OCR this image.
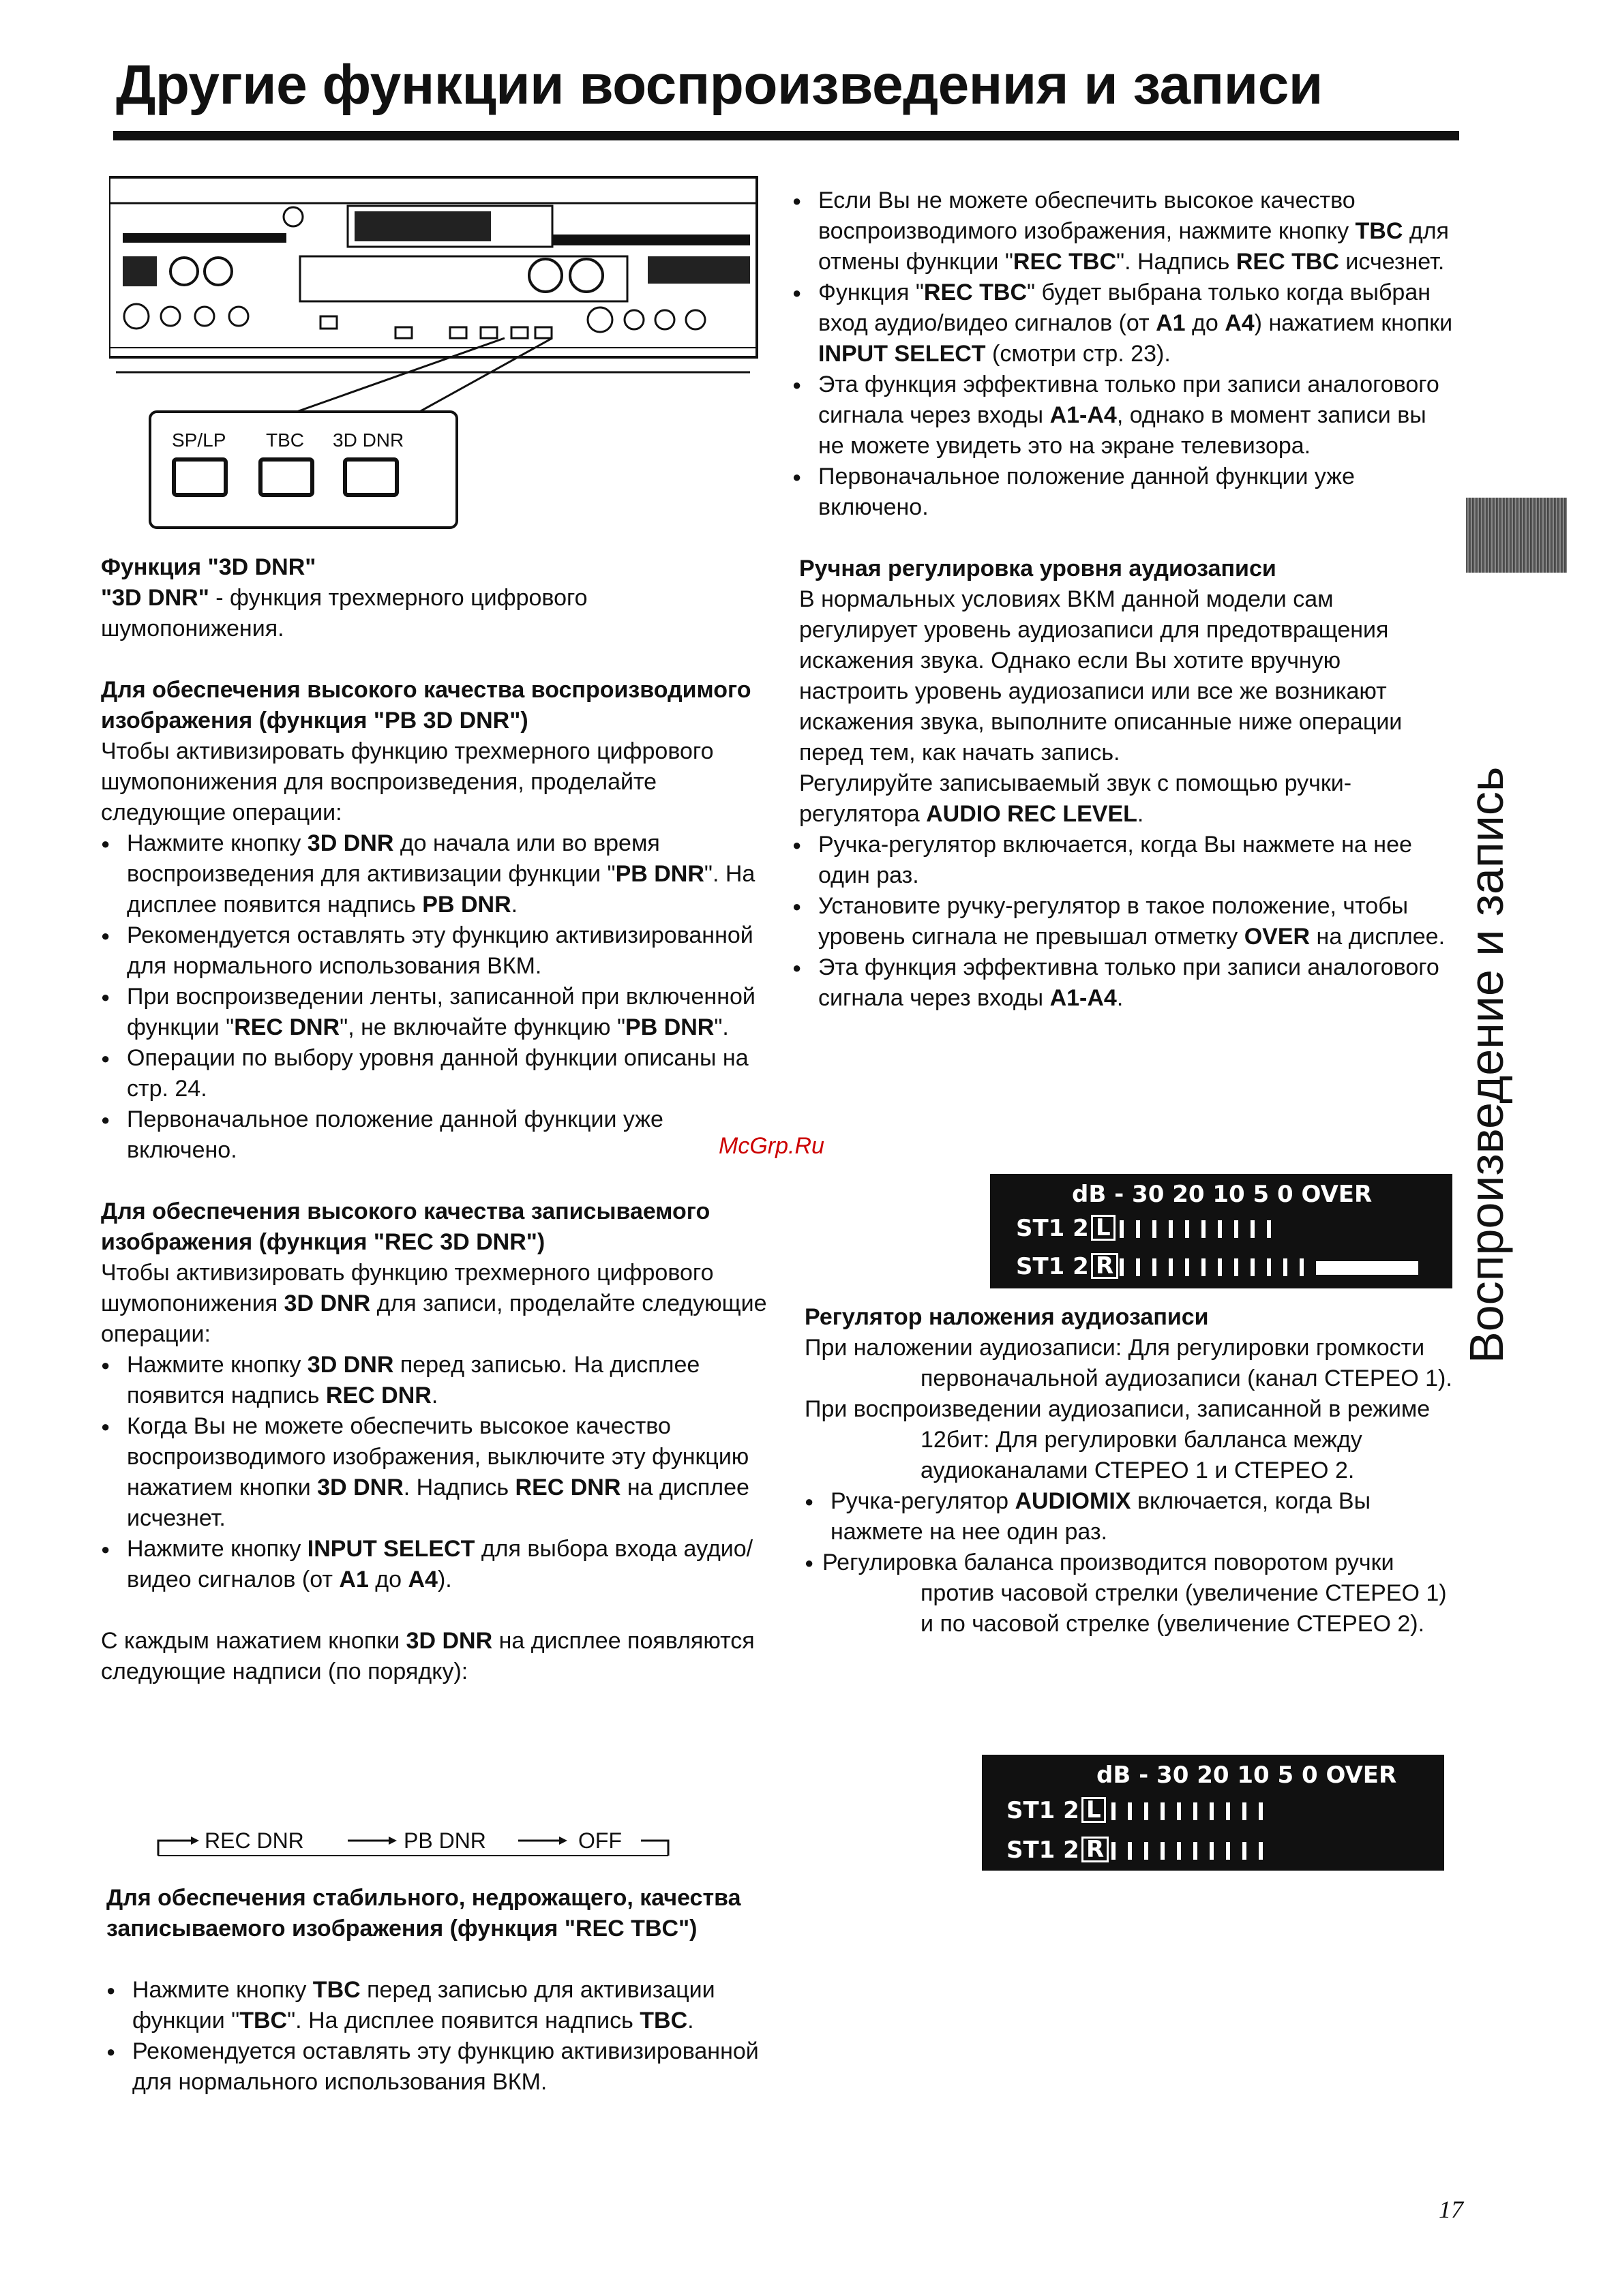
Другие функции воспроизведения и записи
SP/LP TBC 3D DNR

Функция "3D DNR"

"3D DNR" - функция трехмерного цифрового шумопонижения.

Для обеспечения высокого качества воспроизводимого изображения (функция "PB 3D DNR")

Чтобы активизировать функцию трехмерного цифрового шумопонижения для воспроизведения, проделайте следующие операции:

● Нажмите кнопку 3D DNR до начала или во время воспроизведения для активизации функции "PB DNR". На дисплее появится надпись PB DNR.

● Рекомендуется оставлять эту функцию активизированной для нормального использования ВКМ.

● При воспроизведении ленты, записанной при включенной функции "REC DNR", не включайте функцию "PB DNR".

● Операции по выбору уровня данной функции описаны на стр. 24.

● Первоначальное положение данной функции уже включено.

Для обеспечения высокого качества записываемого изображения (функция "REC 3D DNR")

Чтобы активизировать функцию трехмерного цифрового шумопонижения 3D DNR для записи, проделайте следующие операции:

● Нажмите кнопку 3D DNR перед записью. На дисплее появится надпись REC DNR.

● Когда Вы не можете обеспечить высокое качество воспроизводимого изображения, выключите эту функцию нажатием кнопки 3D DNR. Надпись REC DNR на дисплее исчезнет.

● Нажмите кнопку INPUT SELECT для выбора входа аудио/видео сигналов (от A1 до A4).

С каждым нажатием кнопки 3D DNR на дисплее появляются следующие надписи (по порядку):

REC DNR	PB DNR	OFF

Для обеспечения стабильного, недрожащего, качества записываемого изображения (функция "REC TBC")

● Нажмите кнопку TBC перед записью для активизации функции "TBC". На дисплее появится надпись TBC.

● Рекомендуется оставлять эту функцию активизированной для нормального использования ВКМ.

McGrp.Ru

● Если Вы не можете обеспечить высокое качество воспроизводимого изображения, нажмите кнопку TBC для отмены функции "REC TBC". Надпись REC TBC исчезнет.

● Функция "REC TBC" будет выбрана только когда выбран вход аудио/видео сигналов (от A1 до A4) нажатием кнопки INPUT SELECT (смотри стр. 23).

● Эта функция эффективна только при записи аналогового сигнала через входы A1-A4, однако в момент записи вы не можете увидеть это на экране телевизора.

● Первоначальное положение данной функции уже включено.

Ручная регулировка уровня аудиозаписи

В нормальных условиях ВКМ данной модели сам регулирует уровень аудиозаписи для предотвращения искажения звука. Однако если Вы хотите вручную настроить уровень аудиозаписи или все же возникают искажения звука, выполните описанные ниже операции перед тем, как начать запись.

Регулируйте записываемый звук с помощью ручки-регулятора AUDIO REC LEVEL.

● Ручка-регулятор включается, когда Вы нажмете на нее один раз.

● Установите ручку-регулятор в такое положение, чтобы уровень сигнала не превышал отметку OVER на дисплее.

● Эта функция эффективна только при записи аналогового сигнала через входы A1-A4.

dB - 30 20 10 5 0 OVER
ST1 2 L
ST1 2 R

Регулятор наложения аудиозаписи

При наложении аудиозаписи: Для регулировки громкости первоначальной аудиозаписи (канал СТЕРЕО 1).

При воспроизведении аудиозаписи, записанной в режиме 12бит: Для регулировки балланса между аудиоканалами СТЕРЕО 1 и СТЕРЕО 2.

● Ручка-регулятор AUDIOMIX включается, когда Вы нажмете на нее один раз.

● Регулировка баланса производится поворотом ручки против часовой стрелки (увеличение СТЕРЕО 1) и по часовой стрелке (увеличение СТЕРЕО 2).

dB - 30 20 10 5 0 OVER
ST1 2 L
ST1 2 R
Воспроизведение и запись
17
